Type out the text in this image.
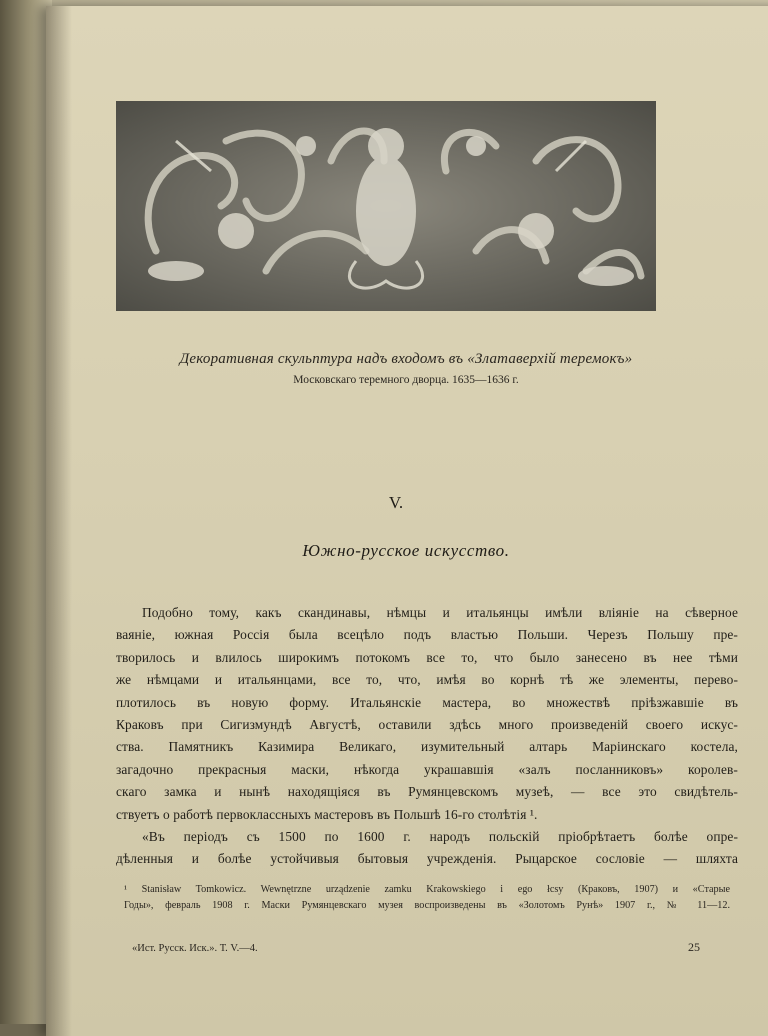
Декоративная скульптура надъ входомъ въ «Златаверхій теремокъ»
Московскаго теремного дворца. 1635—1636 г.
V.
Южно-русское искусство.
Подобно тому, какъ скандинавы, нѣмцы и итальянцы имѣли вліяніе на сѣверное
ваяніе, южная Россія была всецѣло подъ властью Польши. Черезъ Польшу пре-
творилось и влилось широкимъ потокомъ все то, что было занесено въ нее тѣми
же нѣмцами и итальянцами, все то, что, имѣя во корнѣ тѣ же элементы, перево-
плотилось въ новую форму. Итальянскіе мастера, во множествѣ пріѣзжавшіе въ
Краковъ при Сигизмундѣ Августѣ, оставили здѣсь много произведеній своего искус-
ства. Памятникъ Казимира Великаго, изумительный алтарь Маріинскаго костела,
загадочно прекрасныя маски, нѣкогда украшавшія «залъ посланниковъ» королев-
скаго замка и нынѣ находящіяся въ Румянцевскомъ музеѣ, — все это свидѣтель-
ствуетъ о работѣ первоклассныхъ мастеровъ въ Польшѣ 16-го столѣтія ¹.
«Въ періодъ съ 1500 по 1600 г. народъ польскій пріобрѣтаетъ болѣе опре-
дѣленныя и болѣе устойчивыя бытовыя учрежденія. Рыцарское сословіе — шляхта
¹ Stanisław Tomkowicz. Wewnętrzne urządzenie zamku Krakowskiego i ego łcsy (Краковъ, 1907) и «Старые
Годы», февраль 1908 г. Маски Румянцевскаго музея воспроизведены въ «Золотомъ Рунѣ» 1907 г., № 11—12.
«Ист. Русск. Иск.». Т. V.—4.	25
